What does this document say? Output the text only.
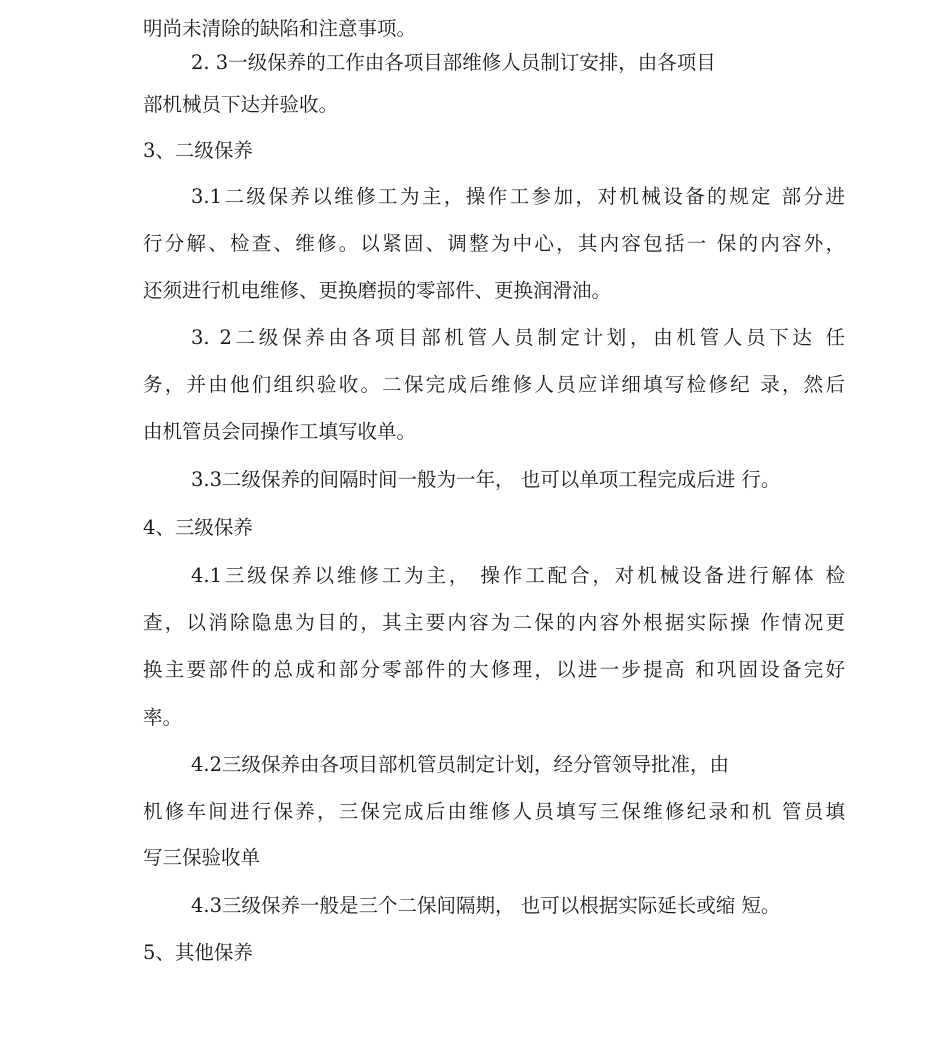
明尚未清除的缺陷和注意事项。

2. 3一级保养的工作由各项目部维修人员制订安排，由各项目

部机械员下达并验收。

3、二级保养

3.1二级保养以维修工为主，操作工参加，对机械设备的规定 部分进

行分解、检查、维修。以紧固、调整为中心，其内容包括一 保的内容外，

还须进行机电维修、更换磨损的零部件、更换润滑油。

3. 2二级保养由各项目部机管人员制定计划，由机管人员下达 任

务，并由他们组织验收。二保完成后维修人员应详细填写检修纪 录，然后

由机管员会同操作工填写收单。

3.3二级保养的间隔时间一般为一年， 也可以单项工程完成后进 行。

4、三级保养

4.1三级保养以维修工为主， 操作工配合，对机械设备进行解体 检

查，以消除隐患为目的，其主要内容为二保的内容外根据实际操 作情况更

换主要部件的总成和部分零部件的大修理，以进一步提高 和巩固设备完好

率。

4.2三级保养由各项目部机管员制定计划，经分管领导批准，由

机修车间进行保养，三保完成后由维修人员填写三保维修纪录和机 管员填

写三保验收单

4.3三级保养一般是三个二保间隔期， 也可以根据实际延长或缩 短。

5、其他保养
